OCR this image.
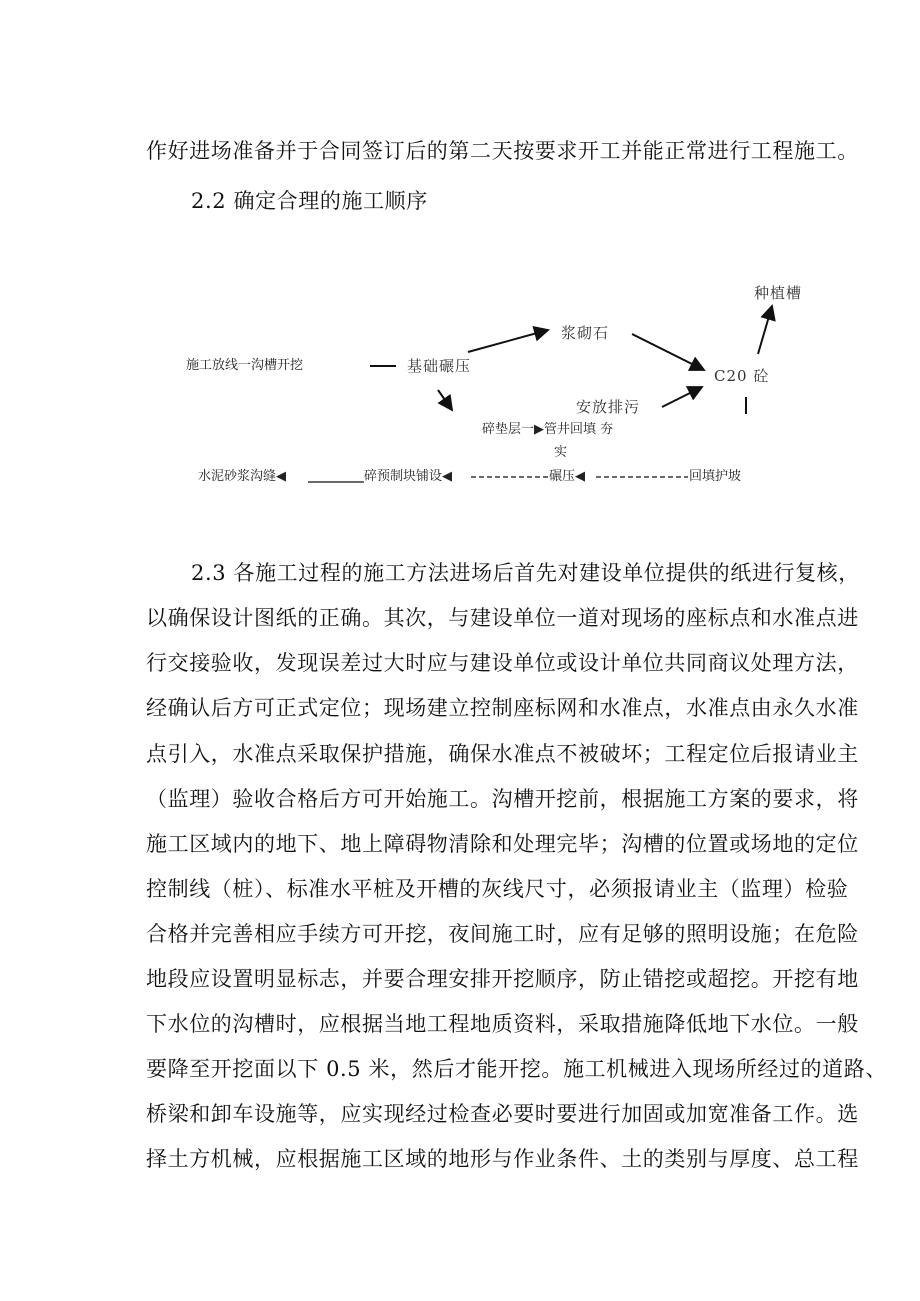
作好进场准备并于合同签订后的第二天按要求开工并能正常进行工程施工。
2.2 确定合理的施工顺序
施工放线一沟槽开挖	基础碾压
浆砌石
安放排污
C20 砼
种植槽
碎垫层一▶管井回填 夯
实
水泥砂浆沟缝◀	碎预制块铺设◀	碾压◀	回填护坡
2.3 各施工过程的施工方法进场后首先对建设单位提供的纸进行复核，
以确保设计图纸的正确。其次，与建设单位一道对现场的座标点和水准点进
行交接验收，发现误差过大时应与建设单位或设计单位共同商议处理方法，
经确认后方可正式定位；现场建立控制座标网和水准点，水准点由永久水准
点引入，水准点采取保护措施，确保水准点不被破坏；工程定位后报请业主
（监理）验收合格后方可开始施工。沟槽开挖前，根据施工方案的要求，将
施工区域内的地下、地上障碍物清除和处理完毕；沟槽的位置或场地的定位
控制线（桩）、标准水平桩及开槽的灰线尺寸，必须报请业主（监理）检验
合格并完善相应手续方可开挖，夜间施工时，应有足够的照明设施；在危险
地段应设置明显标志，并要合理安排开挖顺序，防止错挖或超挖。开挖有地
下水位的沟槽时，应根据当地工程地质资料，采取措施降低地下水位。一般
要降至开挖面以下 0.5 米，然后才能开挖。施工机械进入现场所经过的道路、
桥梁和卸车设施等，应实现经过检查必要时要进行加固或加宽准备工作。选
择土方机械，应根据施工区域的地形与作业条件、土的类别与厚度、总工程
